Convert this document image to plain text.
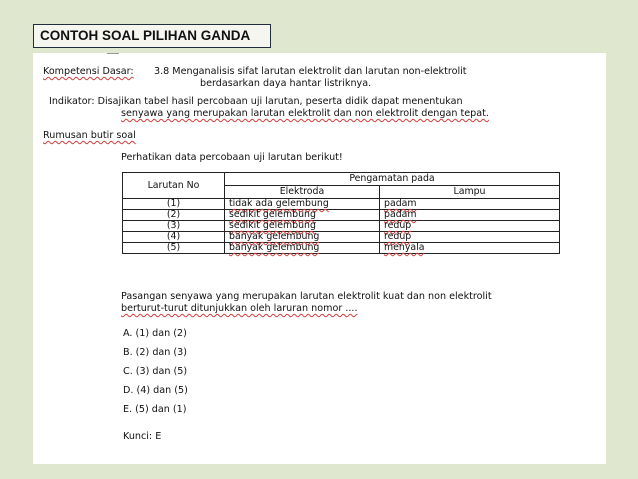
CONTOH SOAL PILIHAN GANDA
Kompetensi Dasar: 3.8 Menganalisis sifat larutan elektrolit dan larutan non-elektrolit
berdasarkan daya hantar listriknya.
Indikator: Disajikan tabel hasil percobaan uji larutan, peserta didik dapat menentukan
senyawa yang merupakan larutan elektrolit dan non elektrolit dengan tepat.
Rumusan butir soal
Perhatikan data percobaan uji larutan berikut!
Larutan No	Pengamatan pada	
	Elektroda	Lampu
(1)	tidak ada gelembung	padam
(2)	sedikit gelembung	padam
(3)	sedikit gelembung	redup
(4)	banyak gelembung	redup
(5)	banyak gelembung	menyala
Pasangan senyawa yang merupakan larutan elektrolit kuat dan non elektrolit
berturut-turut ditunjukkan oleh laruran nomor ....
A. (1) dan (2)
B. (2) dan (3)
C. (3) dan (5)
D. (4) dan (5)
E. (5) dan (1)
Kunci: E
